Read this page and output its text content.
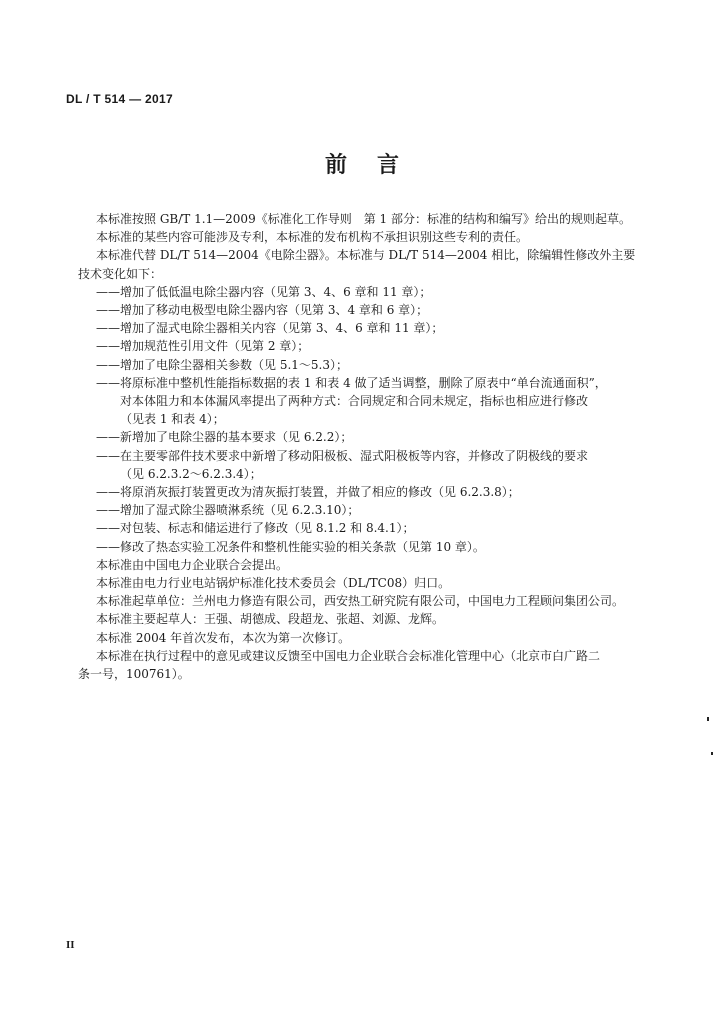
DL / T 514 — 2017
前言

本标准按照 GB/T 1.1—2009《标准化工作导则　第 1 部分：标准的结构和编写》给出的规则起草。

本标准的某些内容可能涉及专利，本标准的发布机构不承担识别这些专利的责任。

本标准代替 DL/T 514—2004《电除尘器》。本标准与 DL/T 514—2004 相比，除编辑性修改外主要

技术变化如下：

——增加了低低温电除尘器内容（见第 3、4、6 章和 11 章）；
——增加了移动电极型电除尘器内容（见第 3、4 章和 6 章）；
——增加了湿式电除尘器相关内容（见第 3、4、6 章和 11 章）；
——增加规范性引用文件（见第 2 章）；
——增加了电除尘器相关参数（见 5.1～5.3）；
——将原标准中整机性能指标数据的表 1 和表 4 做了适当调整，删除了原表中“单台流通面积”，
对本体阻力和本体漏风率提出了两种方式：合同规定和合同未规定，指标也相应进行修改
（见表 1 和表 4）；
——新增加了电除尘器的基本要求（见 6.2.2）；
——在主要零部件技术要求中新增了移动阳极板、湿式阳极板等内容，并修改了阴极线的要求
（见 6.2.3.2～6.2.3.4）；
——将原消灰振打装置更改为清灰振打装置，并做了相应的修改（见 6.2.3.8）；
——增加了湿式除尘器喷淋系统（见 6.2.3.10）；
——对包装、标志和储运进行了修改（见 8.1.2 和 8.4.1）；
——修改了热态实验工况条件和整机性能实验的相关条款（见第 10 章）。

本标准由中国电力企业联合会提出。

本标准由电力行业电站锅炉标准化技术委员会（DL/TC08）归口。

本标准起草单位：兰州电力修造有限公司，西安热工研究院有限公司，中国电力工程顾问集团公司。

本标准主要起草人：王强、胡德成、段超龙、张超、刘源、龙辉。

本标准 2004 年首次发布，本次为第一次修订。

本标准在执行过程中的意见或建议反馈至中国电力企业联合会标准化管理中心（北京市白广路二

条一号，100761）。

II
